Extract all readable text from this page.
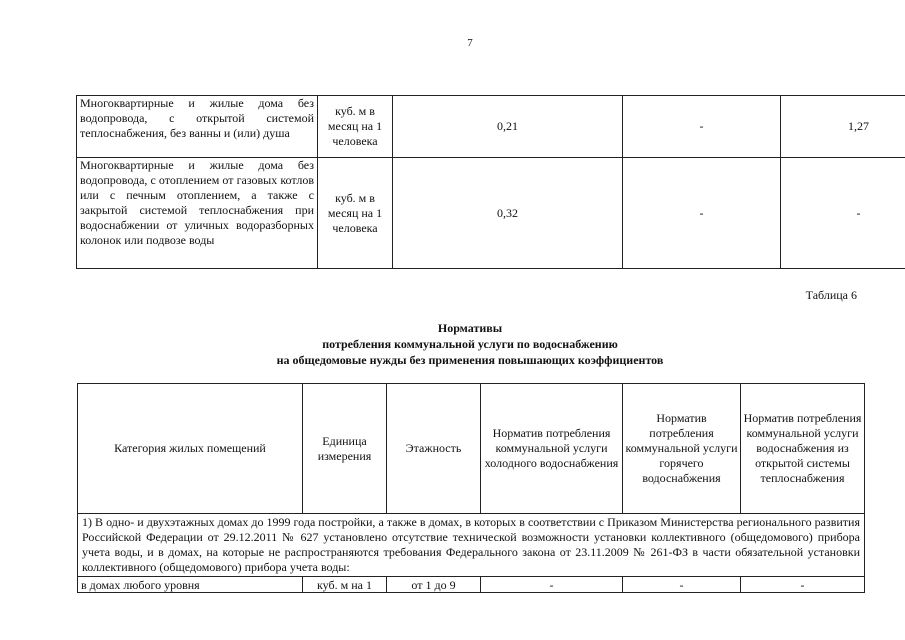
7
Многоквартирные и жилые дома без водопровода, с открытой системой теплоснабжения, без ванны и (или) душа	куб. м в месяц на 1 человека	0,21	-	1,27
Многоквартирные и жилые дома без водопровода, с отоплением от газовых котлов или с печным отоплением, а также с закрытой системой теплоснабжения при водоснабжении от уличных водоразборных колонок или подвозе воды	куб. м в месяц на 1 человека	0,32	-	-
Таблица 6
Нормативы
потребления коммунальной услуги по водоснабжению
на общедомовые нужды без применения повышающих коэффициентов
Категория жилых помещений	Единица измерения	Этажность	Норматив потребления коммунальной услуги холодного водоснабжения	Норматив потребления коммунальной услуги горячего водоснабжения	Норматив потребления коммунальной услуги водоснабжения из открытой системы теплоснабжения
1) В одно- и двухэтажных домах до 1999 года постройки, а также в домах, в которых в соответствии с Приказом Министерства регионального развития Российской Федерации от 29.12.2011 № 627 установлено отсутствие технической возможности установки коллективного (общедомового) прибора учета воды, и в домах, на которые не распространяются требования Федерального закона от 23.11.2009 № 261-ФЗ в части обязательной установки коллективного (общедомового) прибора учета воды:					
в домах любого уровня	куб. м на 1	от 1 до 9	-	-	-
